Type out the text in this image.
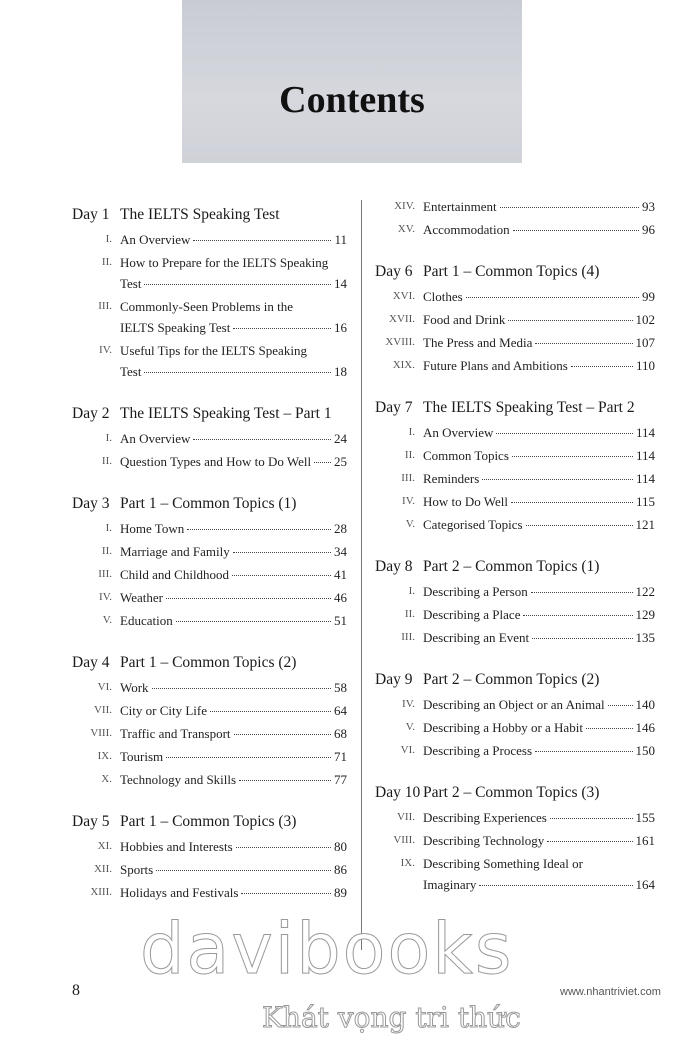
Contents
Day 1 The IELTS Speaking Test
I. An Overview	11
II. How to Prepare for the IELTS Speaking
Test	14
III. Commonly-Seen Problems in the
IELTS Speaking Test	16
IV. Useful Tips for the IELTS Speaking
Test	18
Day 2 The IELTS Speaking Test – Part 1
I. An Overview	24
II. Question Types and How to Do Well 25
Day 3 Part 1 – Common Topics (1)
I. Home Town	28
II. Marriage and Family	34
III. Child and Childhood	41
IV. Weather	46
V. Education	51
Day 4 Part 1 – Common Topics (2)
VI. Work	58
VII. City or City Life	64
VIII. Traffic and Transport	68
IX. Tourism	71
X. Technology and Skills	77
Day 5 Part 1 – Common Topics (3)
XI. Hobbies and Interests	80
XII. Sports	86
XIII. Holidays and Festivals	89
XIV. Entertainment	93
XV. Accommodation	96
Day 6 Part 1 – Common Topics (4)
XVI. Clothes	99
XVII. Food and Drink	102
XVIII. The Press and Media	107
XIX. Future Plans and Ambitions	110
Day 7 The IELTS Speaking Test – Part 2
I. An Overview	114
II. Common Topics	114
III. Reminders	114
IV. How to Do Well	115
V. Categorised Topics	121
Day 8 Part 2 – Common Topics (1)
I. Describing a Person	122
II. Describing a Place	129
III. Describing an Event	135
Day 9 Part 2 – Common Topics (2)
IV. Describing an Object or an Animal 140
V. Describing a Hobby or a Habit	146
VI. Describing a Process	150
Day 10 Part 2 – Common Topics (3)
VII. Describing Experiences	155
VIII. Describing Technology	161
IX. Describing Something Ideal or
Imaginary	164
davibooks
Khát vọng tri thức
8	www.nhantriviet.com
